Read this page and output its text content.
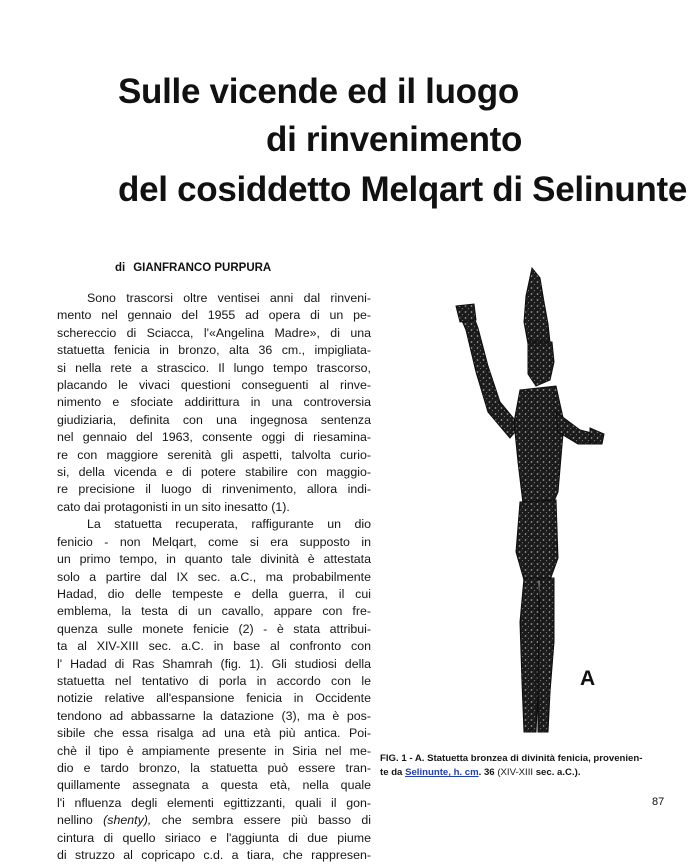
Sulle vicende ed il luogo
di rinvenimento
del cosiddetto Melqart di Selinunte
di GIANFRANCO PURPURA
Sono trascorsi oltre ventisei anni dal rinveni-
mento nel gennaio del 1955 ad opera di un pe-
schereccio di Sciacca, l'«Angelina Madre», di una
statuetta fenicia in bronzo, alta 36 cm., impigliata-
si nella rete a strascico. Il lungo tempo trascorso,
placando le vivaci questioni conseguenti al rinve-
nimento e sfociate addirittura in una controversia
giudiziaria, definita con una ingegnosa sentenza
nel gennaio del 1963, consente oggi di riesamina-
re con maggiore serenità gli aspetti, talvolta curio-
si, della vicenda e di potere stabilire con maggio-
re precisione il luogo di rinvenimento, allora indi-
cato dai protagonisti in un sito inesatto (1).
La statuetta recuperata, raffigurante un dio
fenicio - non Melqart, come si era supposto in
un primo tempo, in quanto tale divinità è attestata
solo a partire dal IX sec. a.C., ma probabilmente
Hadad, dio delle tempeste e della guerra, il cui
emblema, la testa di un cavallo, appare con fre-
quenza sulle monete fenicie (2) - è stata attribui-
ta al XIV-XIII sec. a.C. in base al confronto con
l' Hadad di Ras Shamrah (fig. 1). Gli studiosi della
statuetta nel tentativo di porla in accordo con le
notizie relative all'espansione fenicia in Occidente
tendono ad abbassarne la datazione (3), ma è pos-
sibile che essa risalga ad una età più antica. Poi-
chè il tipo è ampiamente presente in Siria nel me-
dio e tardo bronzo, la statuetta può essere tran-
quillamente assegnata a questa età, nella quale
l'i nfluenza degli elementi egittizzanti, quali il gon-
nellino (shenty), che sembra essere più basso di
cintura di quello siriaco e l'aggiunta di due piume
di struzzo al copricapo c.d. a tiara, che rappresen-
A
FIG. 1 - A. Statuetta bronzea di divinità fenicia, provenien-
te da Selinunte, h. cm. 36 (XIV-XIII sec. a.C.).
87
